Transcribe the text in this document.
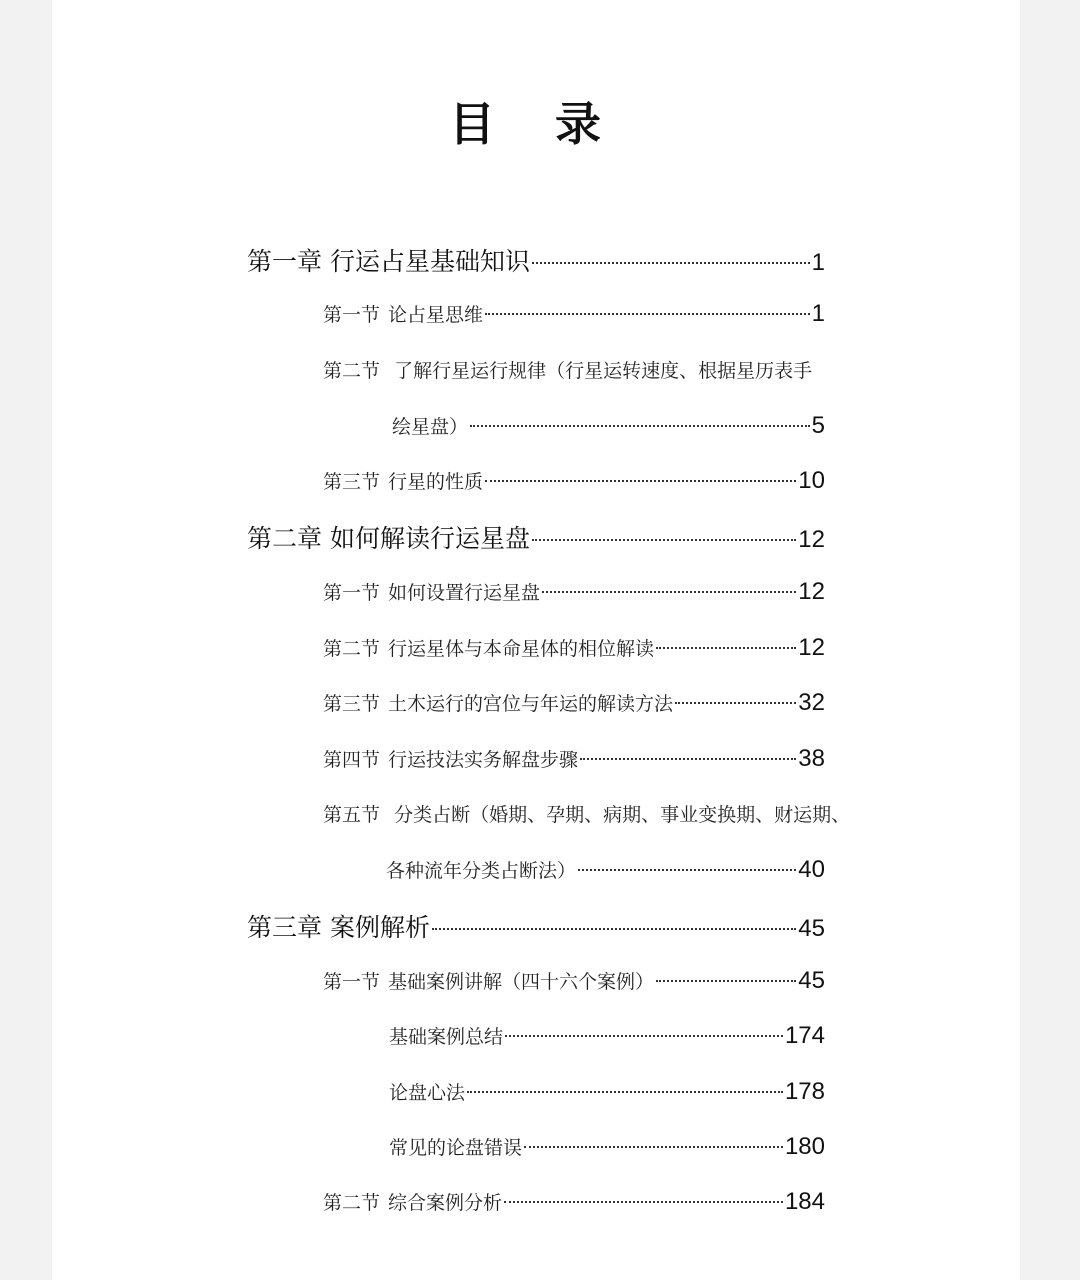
目 录
第一章 行运占星基础知识	1
第一节 论占星思维	1
第二节 了解行星运行规律（行星运转速度、根据星历表手
绘星盘）	5
第三节 行星的性质	10
第二章 如何解读行运星盘	12
第一节 如何设置行运星盘	12
第二节 行运星体与本命星体的相位解读	12
第三节 土木运行的宫位与年运的解读方法	32
第四节 行运技法实务解盘步骤	38
第五节 分类占断（婚期、孕期、病期、事业变换期、财运期、
各种流年分类占断法）	40
第三章 案例解析	45
第一节 基础案例讲解（四十六个案例）	45
基础案例总结	174
论盘心法	178
常见的论盘错误	180
第二节 综合案例分析	184
